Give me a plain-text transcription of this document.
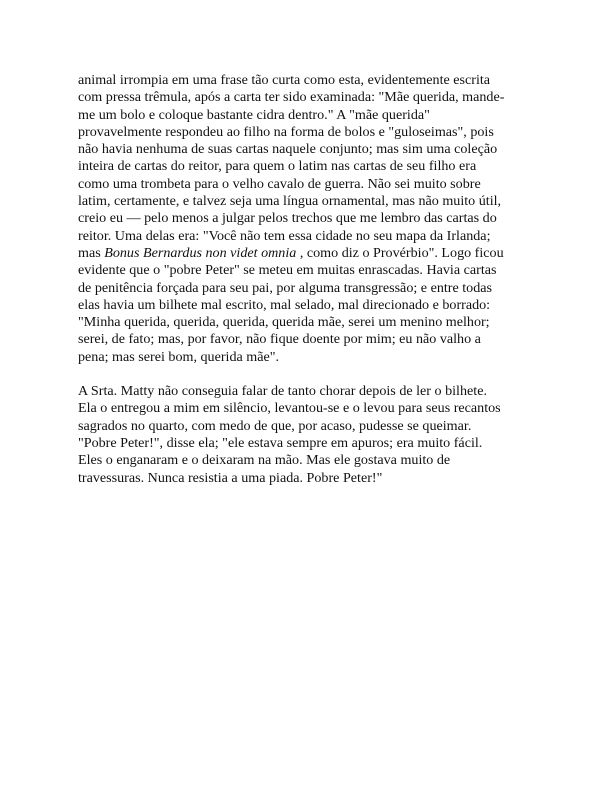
animal irrompia em uma frase tão curta como esta, evidentemente escrita
com pressa trêmula, após a carta ter sido examinada: "Mãe querida, mande-
me um bolo e coloque bastante cidra dentro." A "mãe querida"
provavelmente respondeu ao filho na forma de bolos e "guloseimas", pois
não havia nenhuma de suas cartas naquele conjunto; mas sim uma coleção
inteira de cartas do reitor, para quem o latim nas cartas de seu filho era
como uma trombeta para o velho cavalo de guerra. Não sei muito sobre
latim, certamente, e talvez seja uma língua ornamental, mas não muito útil,
creio eu — pelo menos a julgar pelos trechos que me lembro das cartas do
reitor. Uma delas era: "Você não tem essa cidade no seu mapa da Irlanda;
mas Bonus Bernardus non videt omnia , como diz o Provérbio". Logo ficou
evidente que o "pobre Peter" se meteu em muitas enrascadas. Havia cartas
de penitência forçada para seu pai, por alguma transgressão; e entre todas
elas havia um bilhete mal escrito, mal selado, mal direcionado e borrado:
"Minha querida, querida, querida, querida mãe, serei um menino melhor;
serei, de fato; mas, por favor, não fique doente por mim; eu não valho a
pena; mas serei bom, querida mãe".

A Srta. Matty não conseguia falar de tanto chorar depois de ler o bilhete.
Ela o entregou a mim em silêncio, levantou-se e o levou para seus recantos
sagrados no quarto, com medo de que, por acaso, pudesse se queimar.
"Pobre Peter!", disse ela; "ele estava sempre em apuros; era muito fácil.
Eles o enganaram e o deixaram na mão. Mas ele gostava muito de
travessuras. Nunca resistia a uma piada. Pobre Peter!"
